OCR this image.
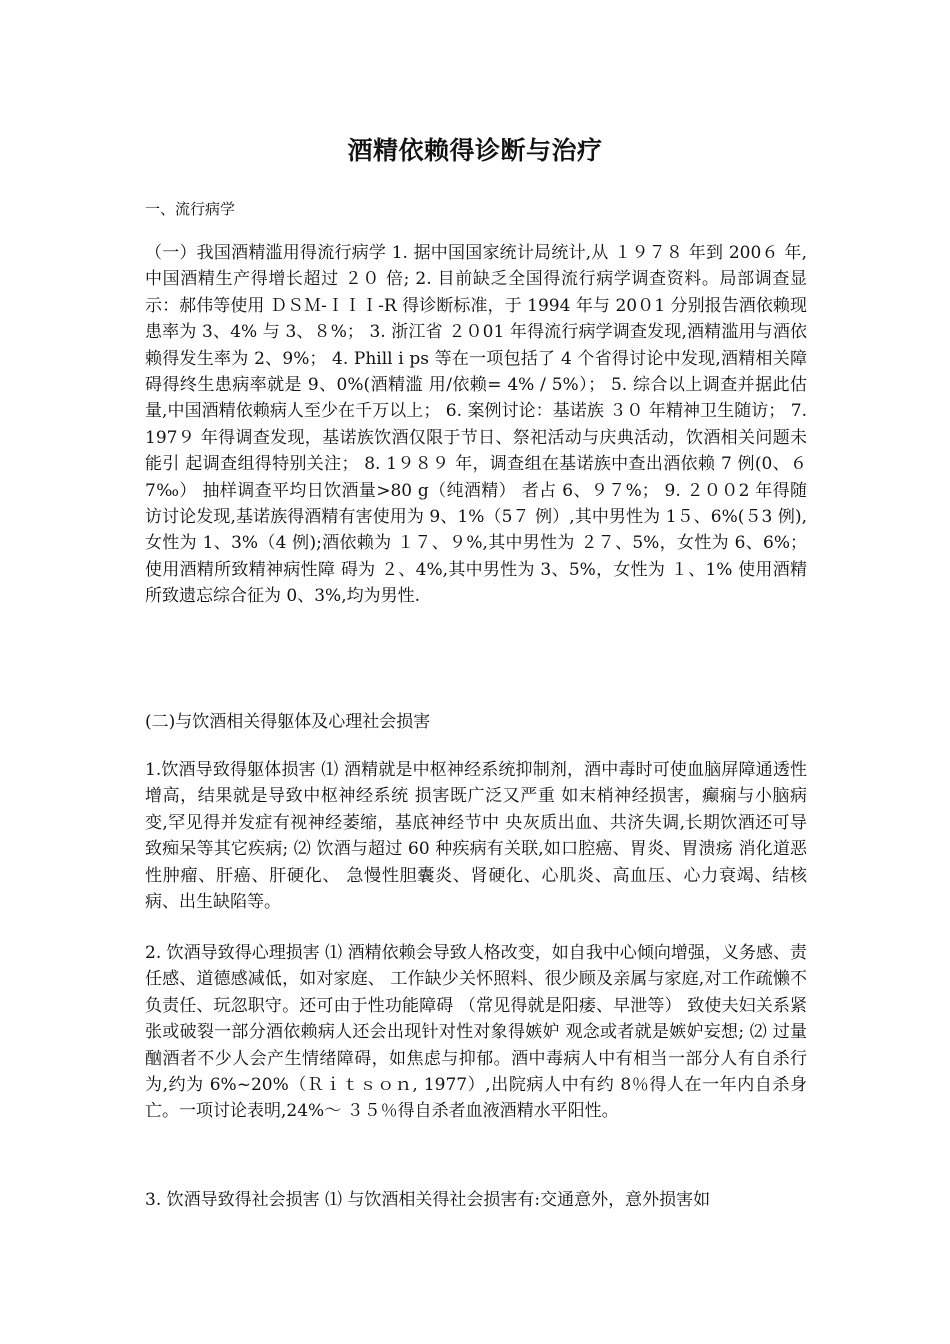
酒精依赖得诊断与治疗
一、流行病学
（一）我国酒精滥用得流行病学 1. 据中国国家统计局统计,从 １９７８ 年到 200６ 年, 中国酒精生产得增长超过 ２０ 倍; 2. 目前缺乏全国得流行病学调查资料。局部调查显示：郝伟等使用 ＤＳＭ-ＩＩＩ-R 得诊断标准，于 1994 年与 20０1 分别报告酒依赖现患率为 3、4% 与 3、８%； 3. 浙江省 ２０01 年得流行病学调查发现,酒精滥用与酒依赖得发生率为 2、9%； 4. Phill i ps 等在一项包括了 4 个省得讨论中发现,酒精相关障碍得终生患病率就是 9、0%(酒精滥 用/依赖= 4% / 5%）； 5. 综合以上调查并据此估量,中国酒精依赖病人至少在千万以上； 6. 案例讨论：基诺族 ３０ 年精神卫生随访； 7. 197９ 年得调查发现，基诺族饮酒仅限于节日、祭祀活动与庆典活动，饮酒相关问题未能引 起调查组得特别关注； 8. 1９８９ 年，调查组在基诺族中查出酒依赖 7 例(0、６7‰） 抽样调查平均日饮酒量>80 g（纯酒精） 者占 6、９７%； 9. ２００2 年得随访讨论发现,基诺族得酒精有害使用为 9、1%（5７ 例）,其中男性为 1５、6%(５3 例), 女性为 1、3%（4 例);酒依赖为 １７、９%,其中男性为 ２７、5%，女性为 6、6%；使用酒精所致精神病性障 碍为 ２、4%,其中男性为 3、5%，女性为 １、1% 使用酒精所致遗忘综合征为 0、3%,均为男性.
(二)与饮酒相关得躯体及心理社会损害
1.饮酒导致得躯体损害 ⑴ 酒精就是中枢神经系统抑制剂，酒中毒时可使血脑屏障通透性增高，结果就是导致中枢神经系统 损害既广泛又严重 如末梢神经损害，癫痫与小脑病变,罕见得并发症有视神经萎缩，基底神经节中 央灰质出血、共济失调,长期饮酒还可导致痴呆等其它疾病; ⑵ 饮酒与超过 60 种疾病有关联,如口腔癌、胃炎、胃溃疡 消化道恶性肿瘤、肝癌、肝硬化、 急慢性胆囊炎、肾硬化、心肌炎、高血压、心力衰竭、结核病、出生缺陷等。
2. 饮酒导致得心理损害 ⑴ 酒精依赖会导致人格改变，如自我中心倾向增强，义务感、责任感、道德感减低，如对家庭、 工作缺少关怀照料、很少顾及亲属与家庭,对工作疏懒不负责任、玩忽职守。还可由于性功能障碍 （常见得就是阳痿、早泄等） 致使夫妇关系紧张或破裂一部分酒依赖病人还会出现针对性对象得嫉妒 观念或者就是嫉妒妄想; ⑵ 过量酗酒者不少人会产生情绪障碍，如焦虑与抑郁。酒中毒病人中有相当一部分人有自杀行 为,约为 6%~20%（Ｒｉｔｓｏｎ, 1977）,出院病人中有约 8％得人在一年内自杀身亡。一项讨论表明,24%～ ３５％得自杀者血液酒精水平阳性。
3. 饮酒导致得社会损害 ⑴ 与饮酒相关得社会损害有:交通意外，意外损害如
